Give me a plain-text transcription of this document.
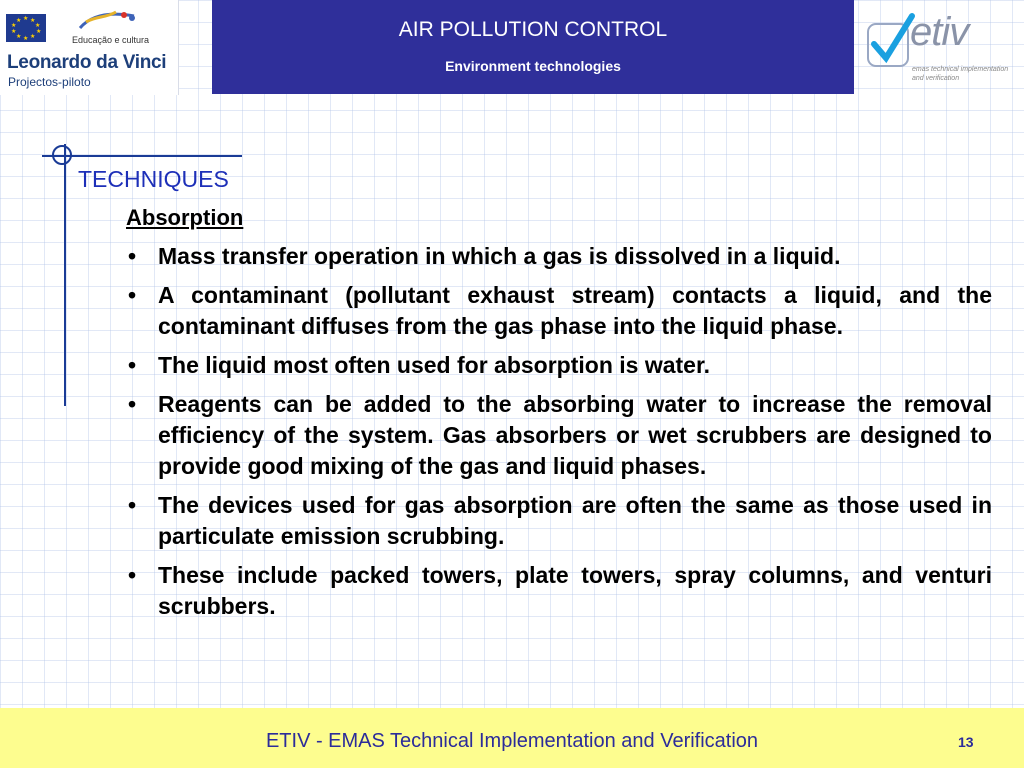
★ ★
★
★
★
★
★
★
★
★
Educação e cultura
Leonardo da Vinci
Projectos-piloto
AIR POLLUTION CONTROL
Environment technologies
etiv
emas technical implementation
and verification
TECHNIQUES
Absorption
• Mass transfer operation in which a gas is dissolved in a liquid.
• A contaminant (pollutant exhaust stream) contacts a liquid, and the contaminant diffuses from the gas phase into the liquid phase.
• The liquid most often used for absorption is water.
• Reagents can be added to the absorbing water to increase the removal efficiency of the system. Gas absorbers or wet scrubbers are designed to provide good mixing of the gas and liquid phases.
• The devices used for gas absorption are often the same as those used in particulate emission scrubbing.
• These include packed towers, plate towers, spray columns, and venturi scrubbers.
ETIV - EMAS Technical Implementation and Verification	13
